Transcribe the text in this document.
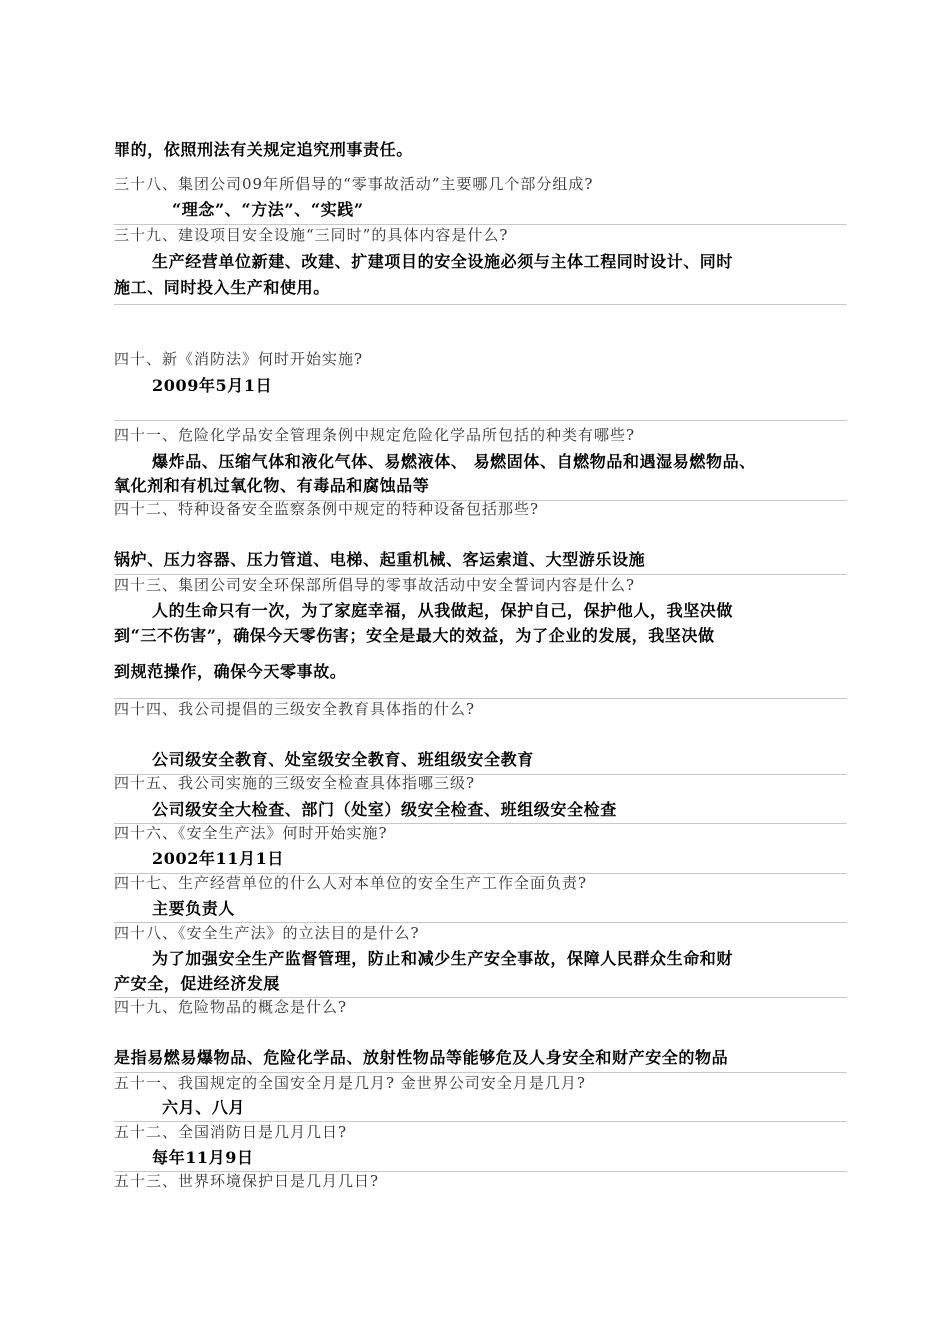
罪的，依照刑法有关规定追究刑事责任。
三十八、集团公司09年所倡导的“零事故活动”主要哪几个部分组成?
“理念”、“方法”、“实践”
三十九、建设项目安全设施“三同时”的具体内容是什么?
生产经营单位新建、改建、扩建项目的安全设施必须与主体工程同时设计、同时
施工、同时投入生产和使用。
四十、新《消防法》何时开始实施?
2009年5月1日
四十一、危险化学品安全管理条例中规定危险化学品所包括的种类有哪些?
爆炸品、压缩气体和液化气体、易燃液体、 易燃固体、自燃物品和遇湿易燃物品、
氧化剂和有机过氧化物、有毒品和腐蚀品等
四十二、特种设备安全监察条例中规定的特种设备包括那些?
锅炉、压力容器、压力管道、电梯、起重机械、客运索道、大型游乐设施
四十三、集团公司安全环保部所倡导的零事故活动中安全誓词内容是什么?
人的生命只有一次，为了家庭幸福，从我做起，保护自己，保护他人，我坚决做
到“三不伤害”，确保今天零伤害；安全是最大的效益，为了企业的发展，我坚决做
到规范操作，确保今天零事故。
四十四、我公司提倡的三级安全教育具体指的什么?
公司级安全教育、处室级安全教育、班组级安全教育
四十五、我公司实施的三级安全检查具体指哪三级?
公司级安全大检查、部门（处室）级安全检查、班组级安全检查
四十六、《安全生产法》何时开始实施?
2002年11月1日
四十七、生产经营单位的什么人对本单位的安全生产工作全面负责?
主要负责人
四十八、《安全生产法》的立法目的是什么?
为了加强安全生产监督管理，防止和减少生产安全事故，保障人民群众生命和财
产安全，促进经济发展
四十九、危险物品的概念是什么?
是指易燃易爆物品、危险化学品、放射性物品等能够危及人身安全和财产安全的物品
五十一、我国规定的全国安全月是几月? 金世界公司安全月是几月?
六月、八月
五十二、全国消防日是几月几日?
每年11月9日
五十三、世界环境保护日是几月几日?
